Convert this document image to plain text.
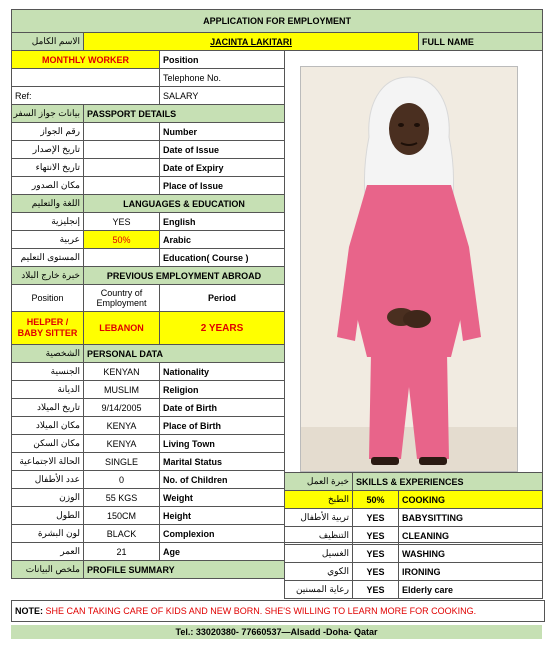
APPLICATION FOR EMPLOYMENT				
الاسم الكامل	JACINTA LAKITARI			FULL NAME
MONTHLY WORKER		Position		
		Telephone No.		
Ref:		SALARY		
بيانات جواز السفر	PASSPORT DETAILS			
رقم الجواز		Number		
تاريخ الإصدار		Date of Issue		
تاريخ الانتهاء		Date of Expiry		
مكان الصدور		Place of Issue		
اللغة والتعليم	LANGUAGES & EDUCATION			
إنجليزية	YES	English		
عربية	50%	Arabic		
المستوى التعليم		Education( Course )		
خبرة خارج البلاد	PREVIOUS EMPLOYMENT ABROAD			
Position	Country of Employment	Period		
HELPER / BABY SITTER	LEBANON	2 YEARS		
الشخصية	PERSONAL DATA			
الجنسية	KENYAN	Nationality		
الديانة	MUSLIM	Religion		
تاريخ الميلاد	9/14/2005	Date of Birth		
مكان الميلاد	KENYA	Place of Birth		
مكان السكن	KENYA	Living Town		
الحالة الاجتماعية	SINGLE	Marital Status		
عدد الأطفال	0	No. of Children		
الوزن	55 KGS	Weight		
الطول	150CM	Height		
لون البشرة	BLACK	Complexion		
العمر	21	Age		
ملخص البيانات	PROFILE SUMMARY			
خبرة العمل	SKILLS & EXPERIENCES	
الطبخ	50%	COOKING
تربية الأطفال	YES	BABYSITTING
التنظيف	YES	CLEANING
الغسيل	YES	WASHING
الكوي	YES	IRONING
رعاية المسنين	YES	Elderly care
NOTE: SHE CAN TAKING CARE OF KIDS AND NEW BORN. SHE'S WILLING TO LEARN MORE FOR COOKING.
Tel.: 33020380- 77660537—Alsadd -Doha- Qatar
